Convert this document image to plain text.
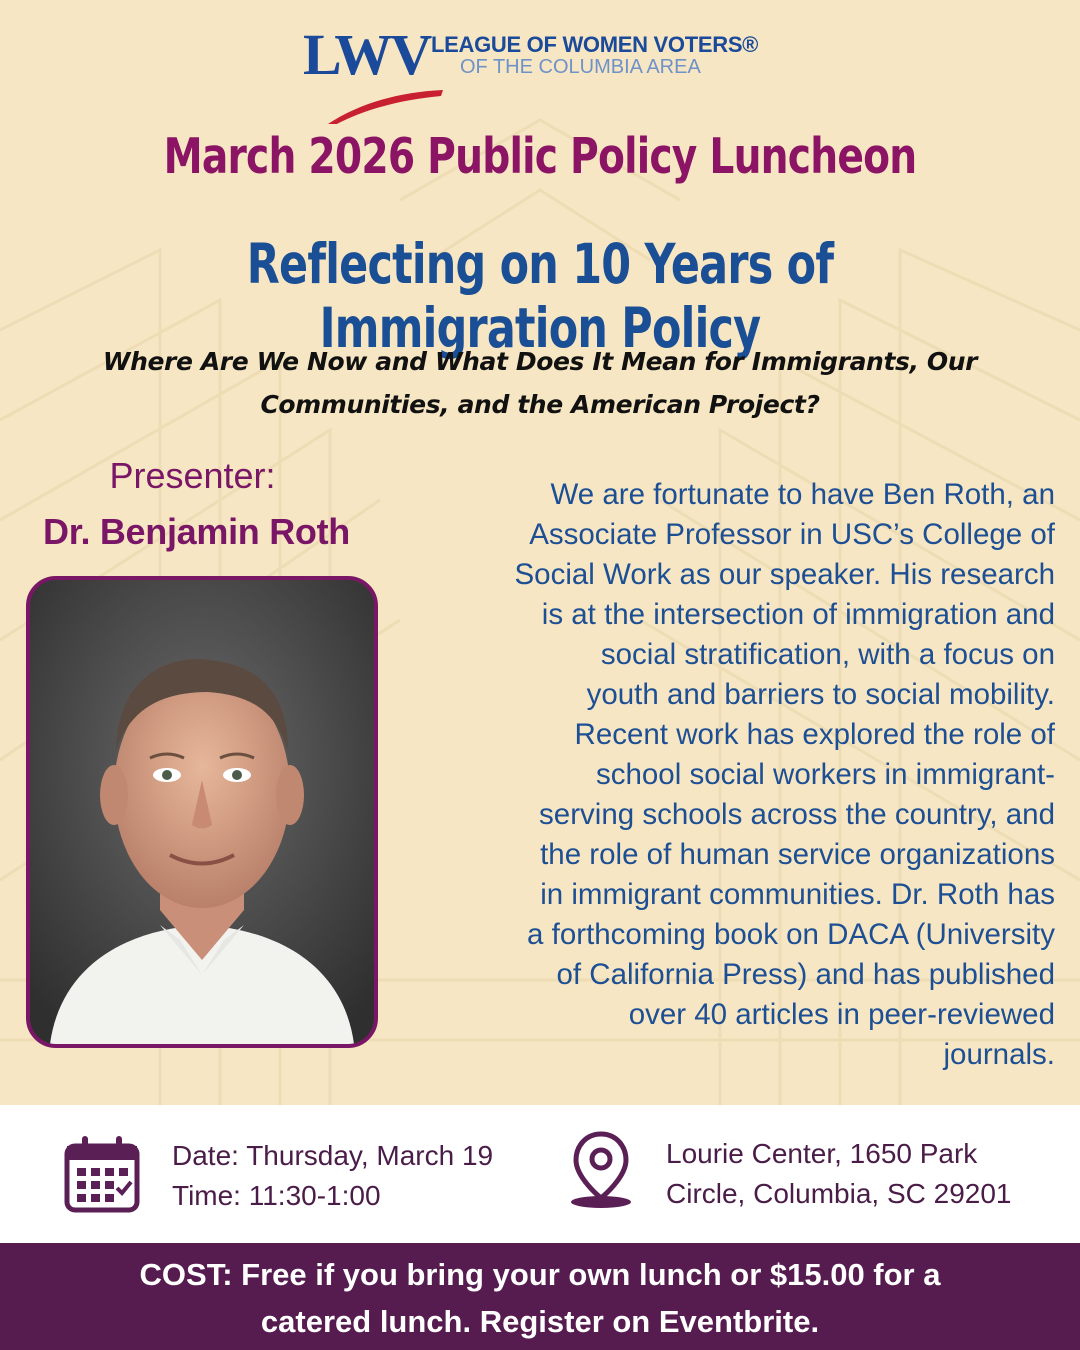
LWV LEAGUE OF WOMEN VOTERS®
OF THE COLUMBIA AREA
March 2026 Public Policy Luncheon
Reflecting on 10 Years of Immigration Policy
Where Are We Now and What Does It Mean for Immigrants, Our
Communities, and the American Project?
Presenter:
Dr. Benjamin Roth
We are fortunate to have Ben Roth, an
Associate Professor in USC’s College of
Social Work as our speaker. His research
is at the intersection of immigration and
social stratification, with a focus on
youth and barriers to social mobility.
Recent work has explored the role of
school social workers in immigrant-
serving schools across the country, and
the role of human service organizations
in immigrant communities. Dr. Roth has
a forthcoming book on DACA (University
of California Press) and has published
over 40 articles in peer-reviewed
journals.
Date: Thursday, March 19
Time: 11:30-1:00
Lourie Center, 1650 Park
Circle, Columbia, SC 29201
COST: Free if you bring your own lunch or $15.00 for a
catered lunch. Register on Eventbrite.
